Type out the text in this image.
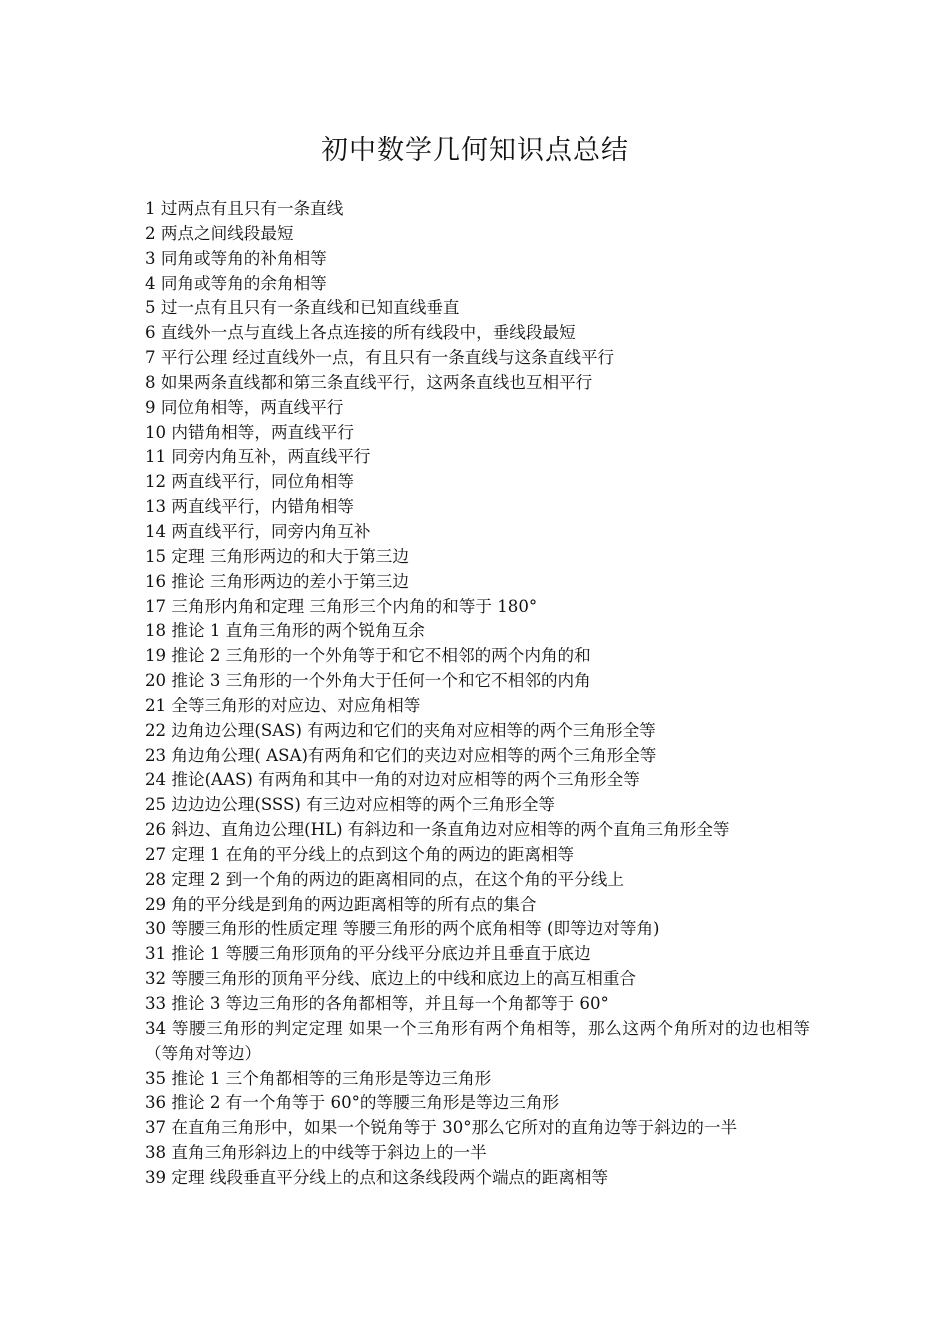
初中数学几何知识点总结
1 过两点有且只有一条直线
2 两点之间线段最短
3 同角或等角的补角相等
4 同角或等角的余角相等
5 过一点有且只有一条直线和已知直线垂直
6 直线外一点与直线上各点连接的所有线段中，垂线段最短
7 平行公理 经过直线外一点，有且只有一条直线与这条直线平行
8 如果两条直线都和第三条直线平行，这两条直线也互相平行
9 同位角相等，两直线平行
10 内错角相等，两直线平行
11 同旁内角互补，两直线平行
12 两直线平行，同位角相等
13 两直线平行，内错角相等
14 两直线平行，同旁内角互补
15 定理 三角形两边的和大于第三边
16 推论 三角形两边的差小于第三边
17 三角形内角和定理 三角形三个内角的和等于 180°
18 推论 1 直角三角形的两个锐角互余
19 推论 2 三角形的一个外角等于和它不相邻的两个内角的和
20 推论 3 三角形的一个外角大于任何一个和它不相邻的内角
21 全等三角形的对应边、对应角相等
22 边角边公理(SAS) 有两边和它们的夹角对应相等的两个三角形全等
23 角边角公理( ASA)有两角和它们的夹边对应相等的两个三角形全等
24 推论(AAS) 有两角和其中一角的对边对应相等的两个三角形全等
25 边边边公理(SSS) 有三边对应相等的两个三角形全等
26 斜边、直角边公理(HL) 有斜边和一条直角边对应相等的两个直角三角形全等
27 定理 1 在角的平分线上的点到这个角的两边的距离相等
28 定理 2 到一个角的两边的距离相同的点，在这个角的平分线上
29 角的平分线是到角的两边距离相等的所有点的集合
30 等腰三角形的性质定理 等腰三角形的两个底角相等 (即等边对等角)
31 推论 1 等腰三角形顶角的平分线平分底边并且垂直于底边
32 等腰三角形的顶角平分线、底边上的中线和底边上的高互相重合
33 推论 3 等边三角形的各角都相等，并且每一个角都等于 60°
34 等腰三角形的判定定理 如果一个三角形有两个角相等，那么这两个角所对的边也相等（等角对等边）
35 推论 1 三个角都相等的三角形是等边三角形
36 推论 2 有一个角等于 60°的等腰三角形是等边三角形
37 在直角三角形中，如果一个锐角等于 30°那么它所对的直角边等于斜边的一半
38 直角三角形斜边上的中线等于斜边上的一半
39 定理 线段垂直平分线上的点和这条线段两个端点的距离相等
